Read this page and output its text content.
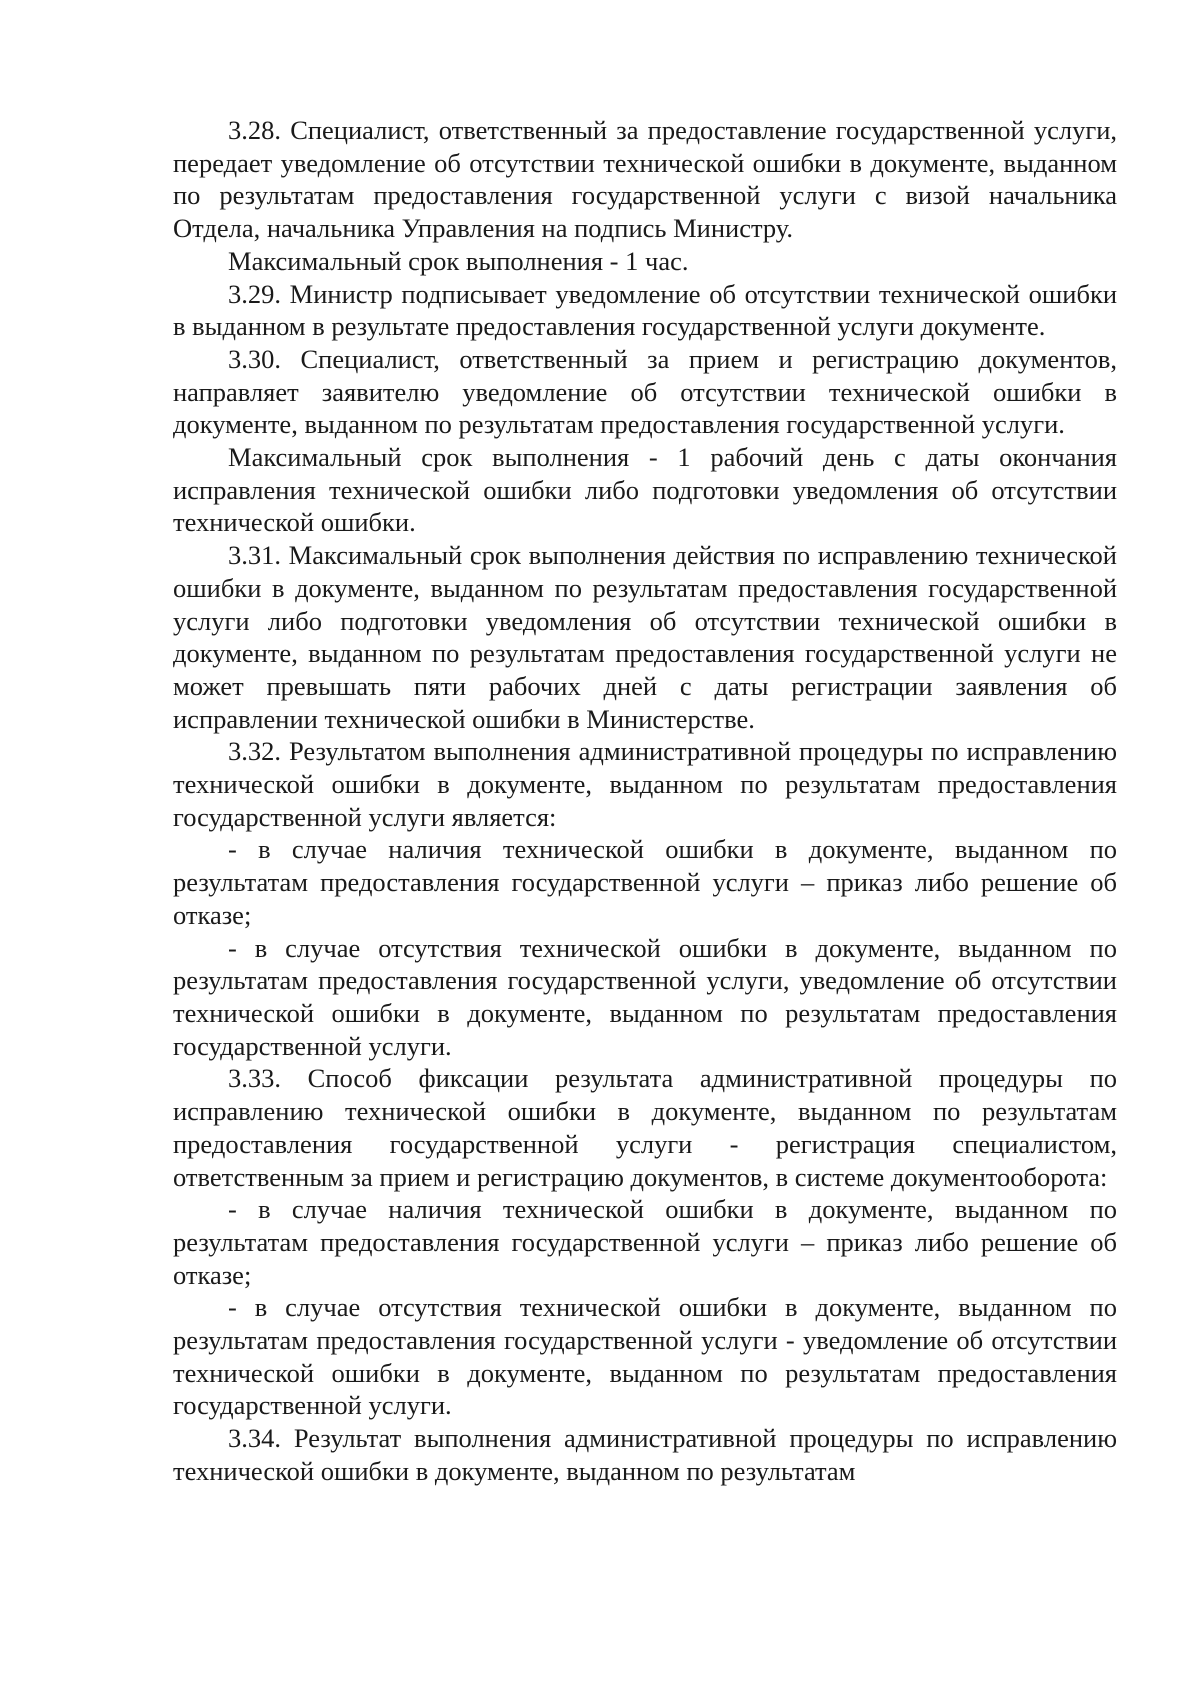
3.28. Специалист, ответственный за предоставление государственной услуги, передает уведомление об отсутствии технической ошибки в документе, выданном по результатам предоставления государственной услуги с визой начальника Отдела, начальника Управления на подпись Министру.

Максимальный срок выполнения - 1 час.

3.29. Министр подписывает уведомление об отсутствии технической ошибки в выданном в результате предоставления государственной услуги документе.

3.30. Специалист, ответственный за прием и регистрацию документов, направляет заявителю уведомление об отсутствии технической ошибки в документе, выданном по результатам предоставления государственной услуги.

Максимальный срок выполнения - 1 рабочий день с даты окончания исправления технической ошибки либо подготовки уведомления об отсутствии технической ошибки.

3.31. Максимальный срок выполнения действия по исправлению технической ошибки в документе, выданном по результатам предоставления государственной услуги либо подготовки уведомления об отсутствии технической ошибки в документе, выданном по результатам предоставления государственной услуги не может превышать пяти рабочих дней с даты регистрации заявления об исправлении технической ошибки в Министерстве.

3.32. Результатом выполнения административной процедуры по исправлению технической ошибки в документе, выданном по результатам предоставления государственной услуги является:

- в случае наличия технической ошибки в документе, выданном по результатам предоставления государственной услуги – приказ либо решение об отказе;

- в случае отсутствия технической ошибки в документе, выданном по результатам предоставления государственной услуги, уведомление об отсутствии технической ошибки в документе, выданном по результатам предоставления государственной услуги.

3.33. Способ фиксации результата административной процедуры по исправлению технической ошибки в документе, выданном по результатам предоставления государственной услуги - регистрация специалистом, ответственным за прием и регистрацию документов, в системе документооборота:

- в случае наличия технической ошибки в документе, выданном по результатам предоставления государственной услуги – приказ либо решение об отказе;

- в случае отсутствия технической ошибки в документе, выданном по результатам предоставления государственной услуги - уведомление об отсутствии технической ошибки в документе, выданном по результатам предоставления государственной услуги.

3.34. Результат выполнения административной процедуры по исправлению технической ошибки в документе, выданном по результатам
